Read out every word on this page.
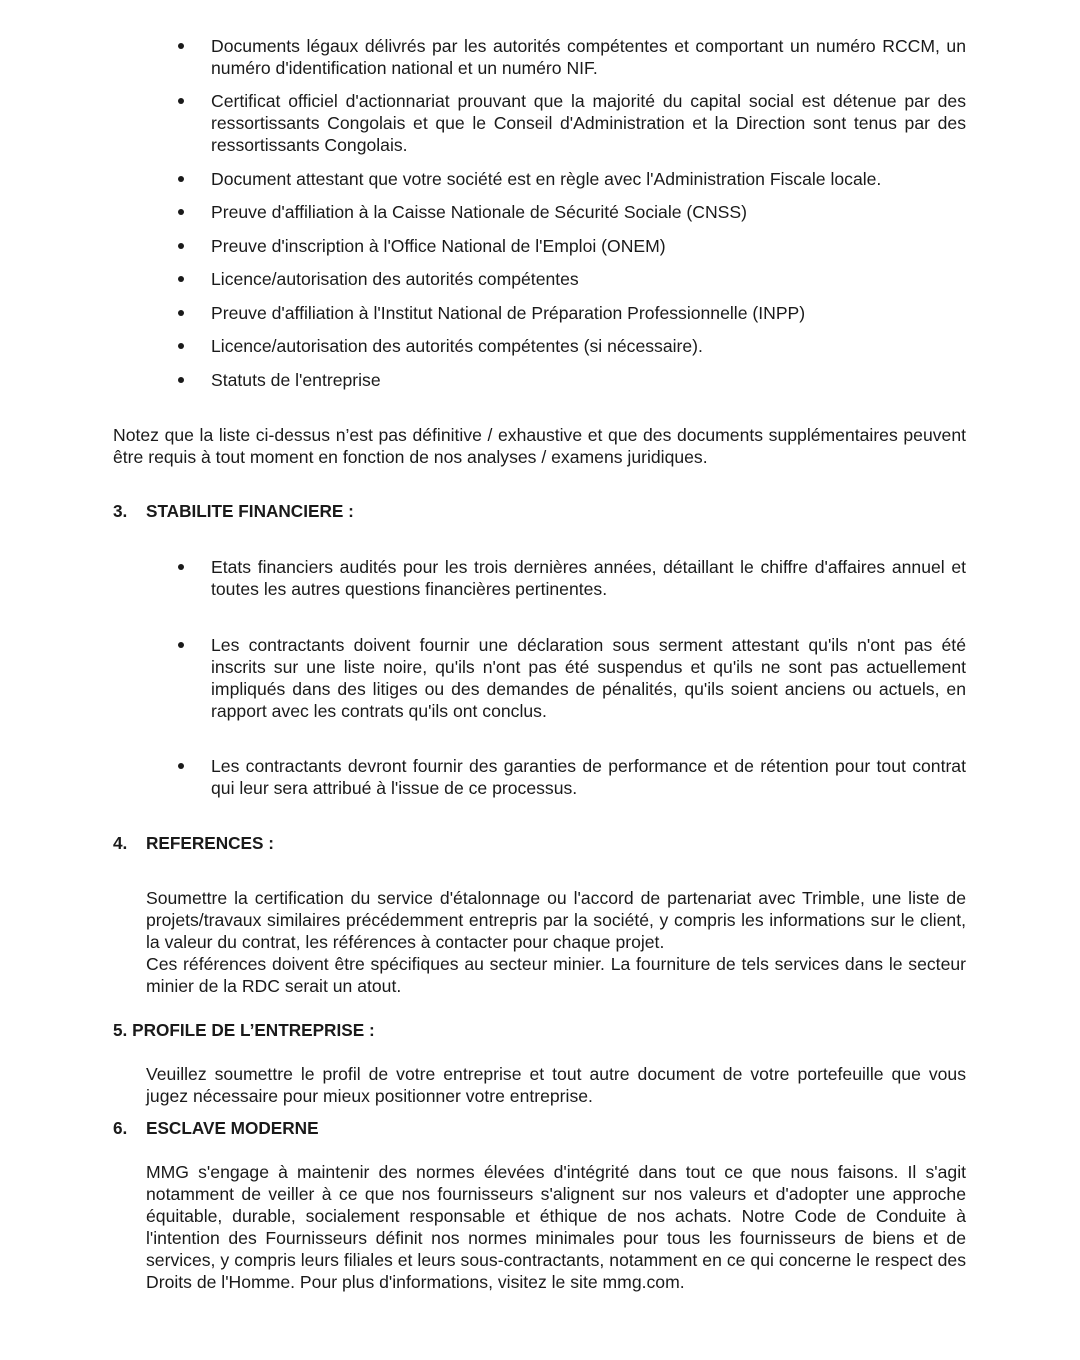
Documents légaux délivrés par les autorités compétentes et comportant un numéro RCCM, un numéro d'identification national et un numéro NIF.
Certificat officiel d'actionnariat prouvant que la majorité du capital social est détenue par des ressortissants Congolais et que le Conseil d'Administration et la Direction sont tenus par des ressortissants Congolais.
Document attestant que votre société est en règle avec l'Administration Fiscale locale.
Preuve d'affiliation à la Caisse Nationale de Sécurité Sociale (CNSS)
Preuve d'inscription à l'Office National de l'Emploi (ONEM)
Licence/autorisation des autorités compétentes
Preuve d'affiliation à l'Institut National de Préparation Professionnelle (INPP)
Licence/autorisation des autorités compétentes (si nécessaire).
Statuts de l'entreprise

Notez que la liste ci-dessus n’est pas définitive / exhaustive et que des documents supplémentaires peuvent être requis à tout moment en fonction de nos analyses / examens juridiques.

3. STABILITE FINANCIERE :
Etats financiers audités pour les trois dernières années, détaillant le chiffre d'affaires annuel et toutes les autres questions financières pertinentes.
Les contractants doivent fournir une déclaration sous serment attestant qu'ils n'ont pas été inscrits sur une liste noire, qu'ils n'ont pas été suspendus et qu'ils ne sont pas actuellement impliqués dans des litiges ou des demandes de pénalités, qu'ils soient anciens ou actuels, en rapport avec les contrats qu'ils ont conclus.
Les contractants devront fournir des garanties de performance et de rétention pour tout contrat qui leur sera attribué à l'issue de ce processus.
4. REFERENCES :

Soumettre la certification du service d'étalonnage ou l'accord de partenariat avec Trimble, une liste de projets/travaux similaires précédemment entrepris par la société, y compris les informations sur le client, la valeur du contrat, les références à contacter pour chaque projet.

Ces références doivent être spécifiques au secteur minier. La fourniture de tels services dans le secteur minier de la RDC serait un atout.

5. PROFILE DE L’ENTREPRISE :

Veuillez soumettre le profil de votre entreprise et tout autre document de votre portefeuille que vous jugez nécessaire pour mieux positionner votre entreprise.

6. ESCLAVE MODERNE

MMG s'engage à maintenir des normes élevées d'intégrité dans tout ce que nous faisons. Il s'agit notamment de veiller à ce que nos fournisseurs s'alignent sur nos valeurs et d'adopter une approche équitable, durable, socialement responsable et éthique de nos achats. Notre Code de Conduite à l'intention des Fournisseurs définit nos normes minimales pour tous les fournisseurs de biens et de services, y compris leurs filiales et leurs sous-contractants, notamment en ce qui concerne le respect des Droits de l'Homme. Pour plus d'informations, visitez le site mmg.com.
